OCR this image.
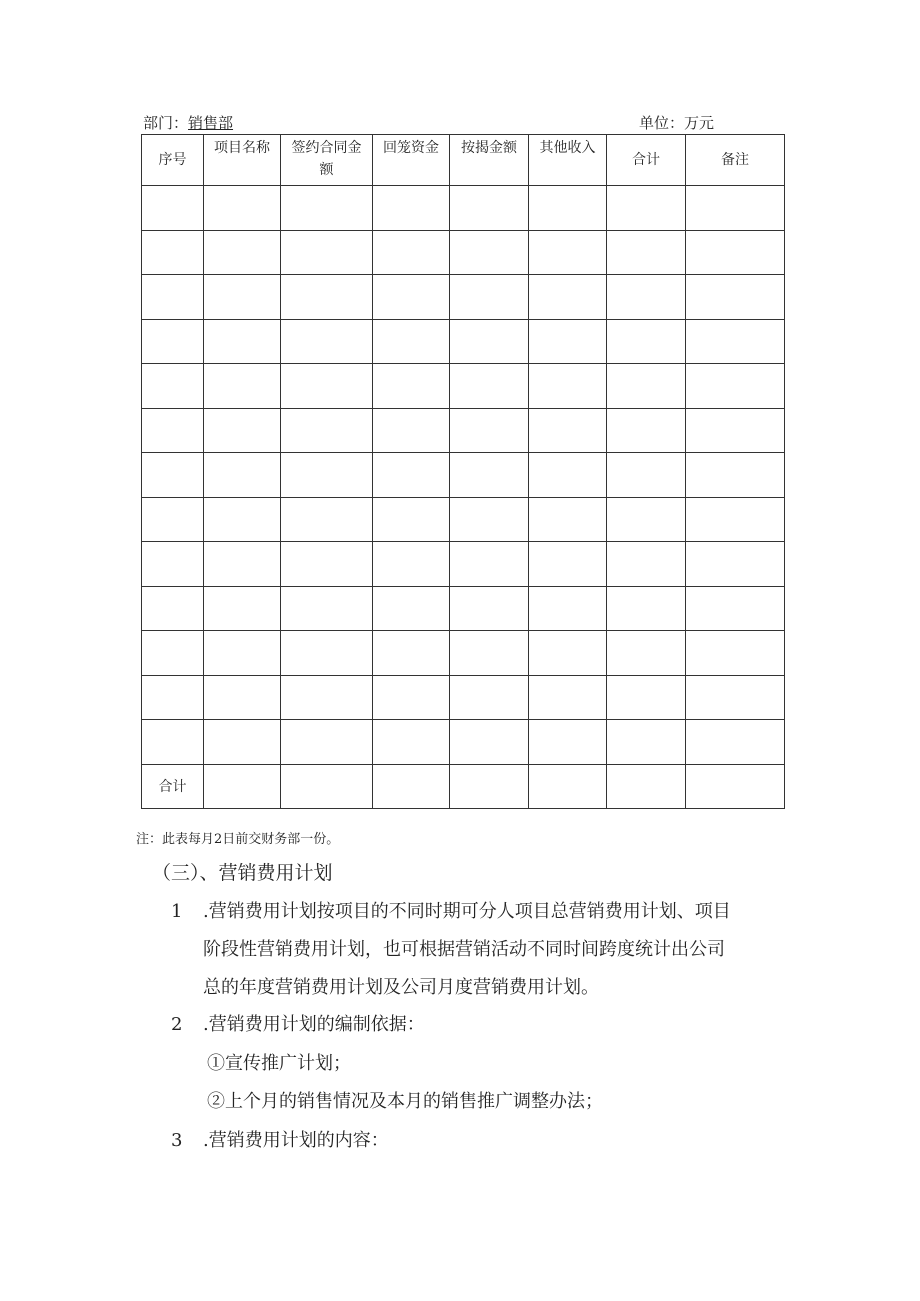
部门：销售部	单位：万元
序号	项目名称	签约合同金额	回笼资金	按揭金额	其他收入	合计	备注

合计							
注：此表每月2日前交财务部一份。
（三）、营销费用计划
1 .营销费用计划按项目的不同时期可分人项目总营销费用计划、项目
阶段性营销费用计划，也可根据营销活动不同时间跨度统计出公司
总的年度营销费用计划及公司月度营销费用计划。
2 .营销费用计划的编制依据：
①宣传推广计划；
②上个月的销售情况及本月的销售推广调整办法；
3 .营销费用计划的内容：
